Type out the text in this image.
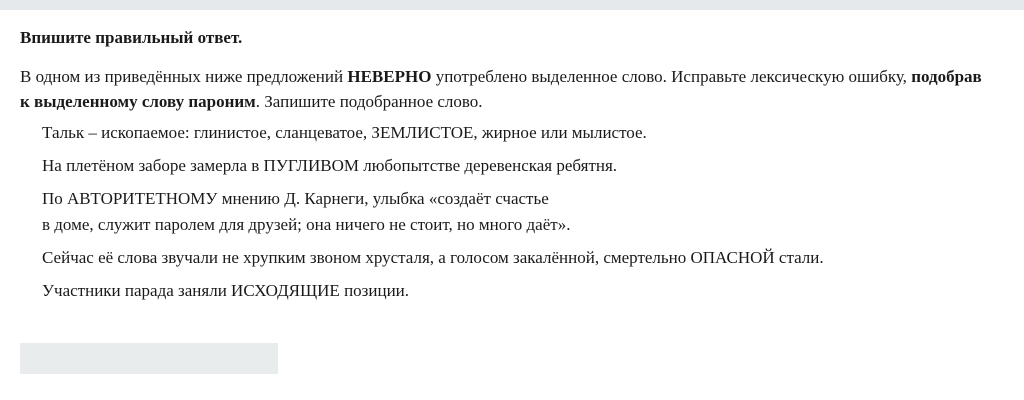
Впишите правильный ответ.

В одном из приведённых ниже предложений НЕВЕРНО употреблено выделенное слово. Исправьте лексическую ошибку, подобрав
к выделенному слову пароним. Запишите подобранное слово.

Тальк – ископаемое: глинистое, сланцеватое, ЗЕМЛИСТОЕ, жирное или мылистое.
На плетёном заборе замерла в ПУГЛИВОМ любопытстве деревенская ребятня.
По АВТОРИТЕТНОМУ мнению Д. Карнеги, улыбка «создаёт счастье
в доме, служит паролем для друзей; она ничего не стоит, но много даёт».
Сейчас её слова звучали не хрупким звоном хрусталя, а голосом закалённой, смертельно ОПАСНОЙ стали.
Участники парада заняли ИСХОДЯЩИЕ позиции.
